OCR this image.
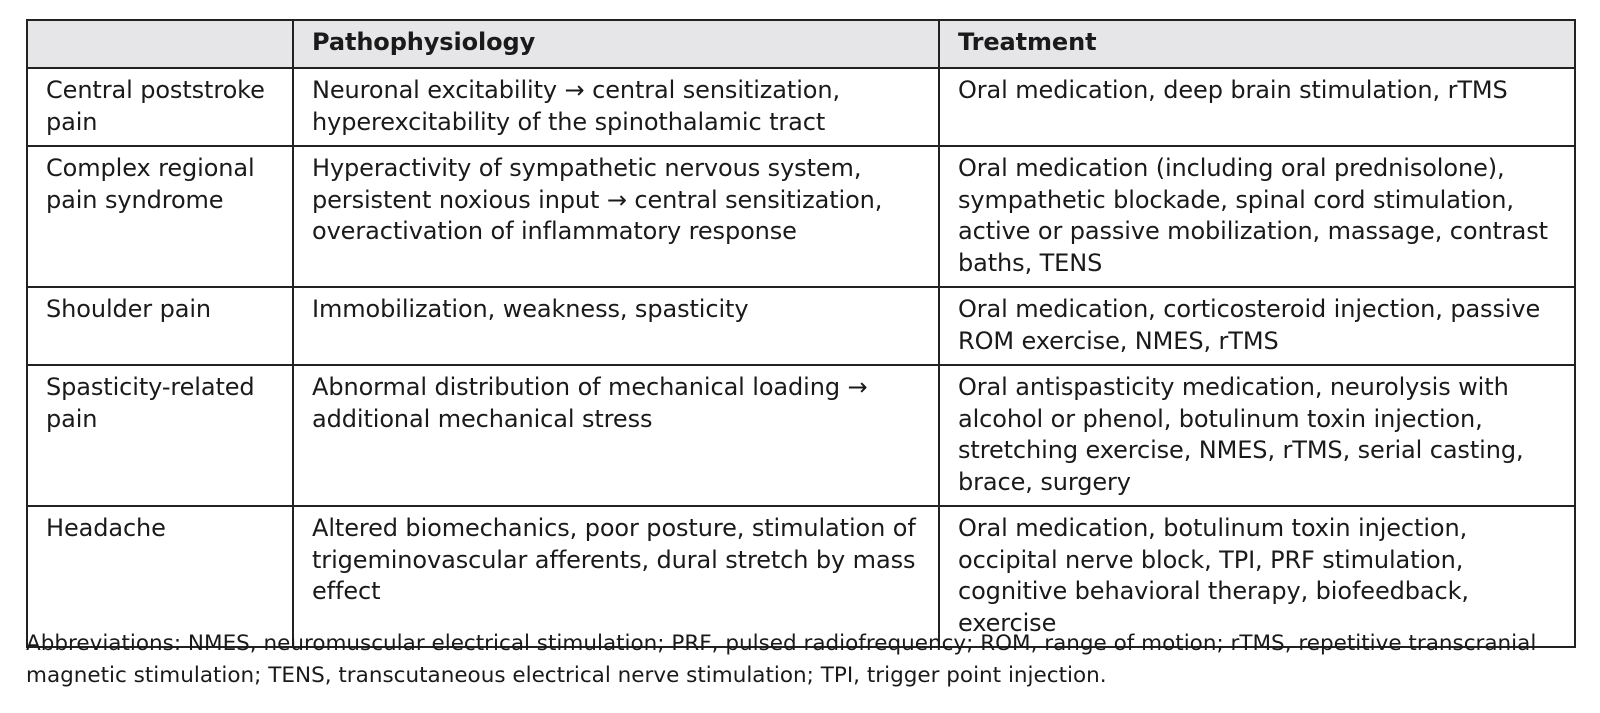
	Pathophysiology	Treatment
Central poststroke pain	Neuronal excitability → central sensitization, hyperexcitability of the spinothalamic tract	Oral medication, deep brain stimulation, rTMS
Complex regional pain syndrome	Hyperactivity of sympathetic nervous system, persistent noxious input → central sensitization, overactivation of inflammatory response	Oral medication (including oral prednisolone), sympathetic blockade, spinal cord stimulation, active or passive mobilization, massage, contrast baths, TENS
Shoulder pain	Immobilization, weakness, spasticity	Oral medication, corticosteroid injection, passive ROM exercise, NMES, rTMS
Spasticity-related pain	Abnormal distribution of mechanical loading → additional mechanical stress	Oral antispasticity medication, neurolysis with alcohol or phenol, botulinum toxin injection, stretching exercise, NMES, rTMS, serial casting, brace, surgery
Headache	Altered biomechanics, poor posture, stimulation of trigeminovascular afferents, dural stretch by mass effect	Oral medication, botulinum toxin injection, occipital nerve block, TPI, PRF stimulation, cognitive behavioral therapy, biofeedback, exercise
Abbreviations: NMES, neuromuscular electrical stimulation; PRF, pulsed radiofrequency; ROM, range of motion; rTMS, repetitive transcranial magnetic stimulation; TENS, transcutaneous electrical nerve stimulation; TPI, trigger point injection.
